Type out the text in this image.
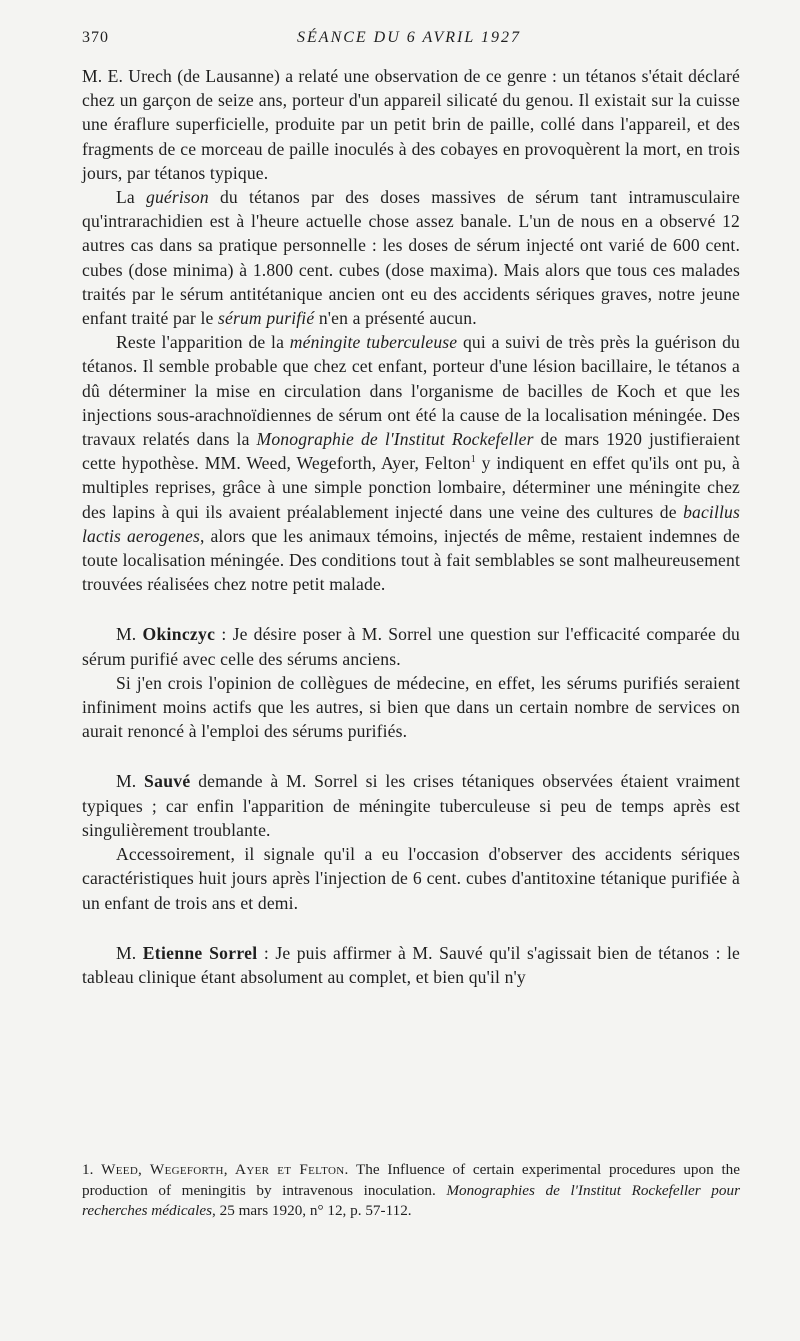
370	SÉANCE DU 6 AVRIL 1927

M. E. Urech (de Lausanne) a relaté une observation de ce genre : un tétanos s'était déclaré chez un garçon de seize ans, porteur d'un appareil silicaté du genou. Il existait sur la cuisse une éraflure superficielle, produite par un petit brin de paille, collé dans l'appareil, et des fragments de ce morceau de paille inoculés à des cobayes en provoquèrent la mort, en trois jours, par tétanos typique.

La guérison du tétanos par des doses massives de sérum tant intramusculaire qu'intrarachidien est à l'heure actuelle chose assez banale. L'un de nous en a observé 12 autres cas dans sa pratique personnelle : les doses de sérum injecté ont varié de 600 cent. cubes (dose minima) à 1.800 cent. cubes (dose maxima). Mais alors que tous ces malades traités par le sérum antitétanique ancien ont eu des accidents sériques graves, notre jeune enfant traité par le sérum purifié n'en a présenté aucun.

Reste l'apparition de la méningite tuberculeuse qui a suivi de très près la guérison du tétanos. Il semble probable que chez cet enfant, porteur d'une lésion bacillaire, le tétanos a dû déterminer la mise en circulation dans l'organisme de bacilles de Koch et que les injections sous-arachnoïdiennes de sérum ont été la cause de la localisation méningée. Des travaux relatés dans la Monographie de l'Institut Rockefeller de mars 1920 justifieraient cette hypothèse. MM. Weed, Wegeforth, Ayer, Felton$^1$ y indiquent en effet qu'ils ont pu, à multiples reprises, grâce à une simple ponction lombaire, déterminer une méningite chez des lapins à qui ils avaient préalablement injecté dans une veine des cultures de bacillus lactis aerogenes, alors que les animaux témoins, injectés de même, restaient indemnes de toute localisation méningée. Des conditions tout à fait semblables se sont malheureusement trouvées réalisées chez notre petit malade.

M. Okinczyc : Je désire poser à M. Sorrel une question sur l'efficacité comparée du sérum purifié avec celle des sérums anciens.

Si j'en crois l'opinion de collègues de médecine, en effet, les sérums purifiés seraient infiniment moins actifs que les autres, si bien que dans un certain nombre de services on aurait renoncé à l'emploi des sérums purifiés.

M. Sauvé demande à M. Sorrel si les crises tétaniques observées étaient vraiment typiques ; car enfin l'apparition de méningite tuberculeuse si peu de temps après est singulièrement troublante.

Accessoirement, il signale qu'il a eu l'occasion d'observer des accidents sériques caractéristiques huit jours après l'injection de 6 cent. cubes d'antitoxine tétanique purifiée à un enfant de trois ans et demi.

M. Etienne Sorrel : Je puis affirmer à M. Sauvé qu'il s'agissait bien de tétanos : le tableau clinique étant absolument au complet, et bien qu'il n'y

1. Weed, Wegeforth, Ayer et Felton. The Influence of certain experimental procedures upon the production of meningitis by intravenous inoculation. Monographies de l'Institut Rockefeller pour recherches médicales, 25 mars 1920, n° 12, p. 57-112.
